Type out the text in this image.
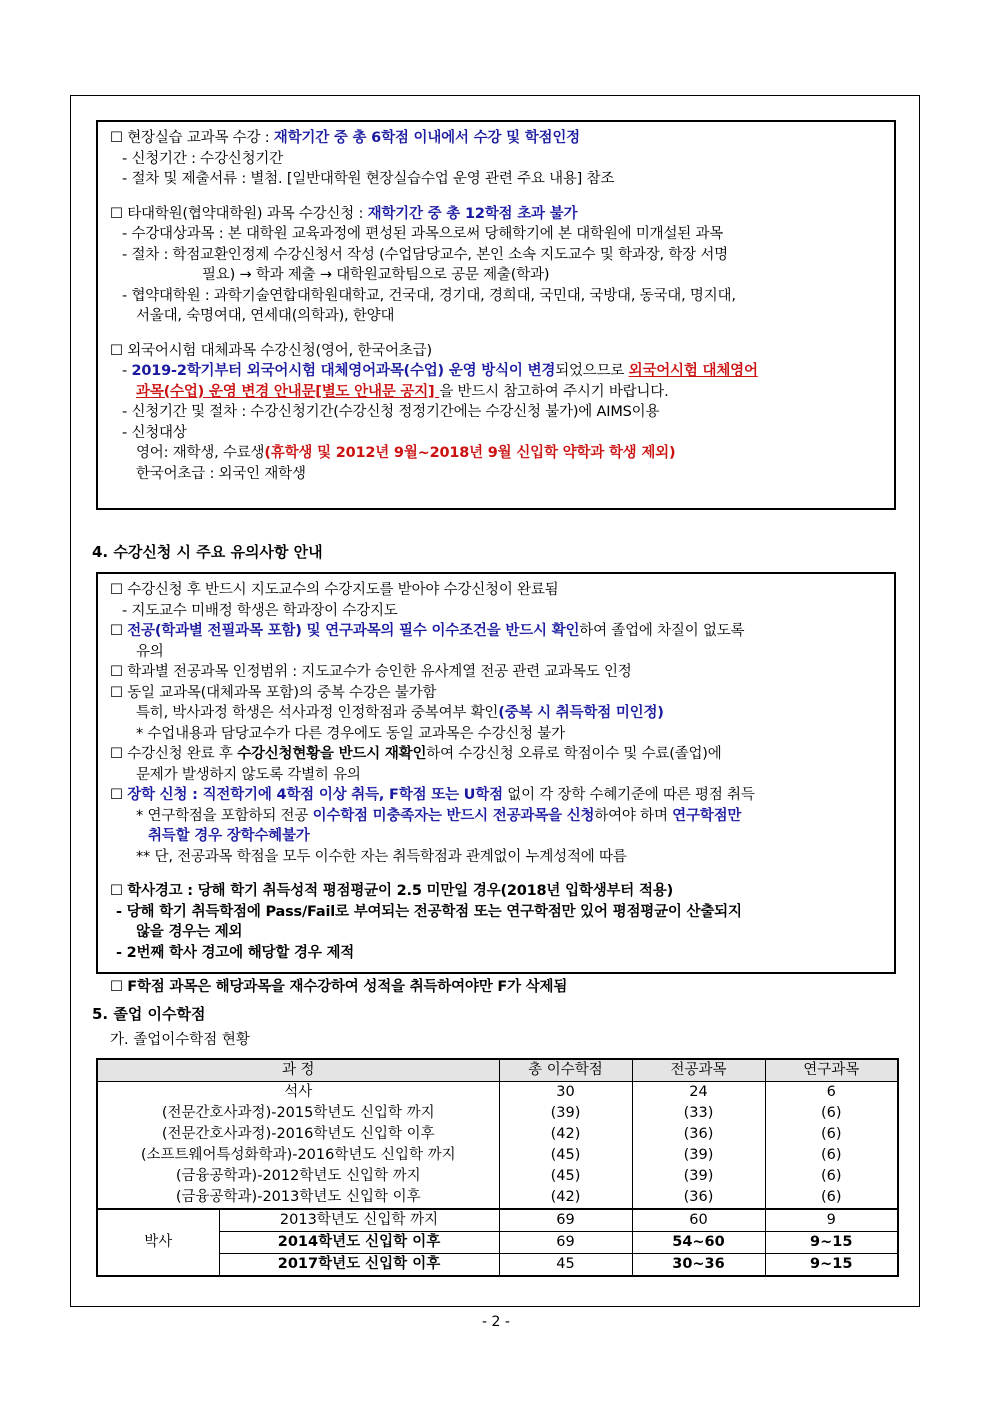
☐ 현장실습 교과목 수강 : 재학기간 중 총 6학점 이내에서 수강 및 학점인정
- 신청기간 : 수강신청기간
- 절차 및 제출서류 : 별첨. [일반대학원 현장실습수업 운영 관련 주요 내용] 참조
☐ 타대학원(협약대학원) 과목 수강신청 : 재학기간 중 총 12학점 초과 불가
- 수강대상과목 : 본 대학원 교육과정에 편성된 과목으로써 당해학기에 본 대학원에 미개설된 과목
- 절차 : 학점교환인정제 수강신청서 작성 (수업담당교수, 본인 소속 지도교수 및 학과장, 학장 서명
필요) → 학과 제출 → 대학원교학팀으로 공문 제출(학과)
- 협약대학원 : 과학기술연합대학원대학교, 건국대, 경기대, 경희대, 국민대, 국방대, 동국대, 명지대,
서울대, 숙명여대, 연세대(의학과), 한양대
☐ 외국어시험 대체과목 수강신청(영어, 한국어초급)
- 2019-2학기부터 외국어시험 대체영어과목(수업) 운영 방식이 변경되었으므로 외국어시험 대체영어
과목(수업) 운영 변경 안내문[별도 안내문 공지] 을 반드시 참고하여 주시기 바랍니다.
- 신청기간 및 절차 : 수강신청기간(수강신청 정정기간에는 수강신청 불가)에 AIMS이용
- 신청대상
영어: 재학생, 수료생(휴학생 및 2012년 9월~2018년 9월 신입학 약학과 학생 제외)
한국어초급 : 외국인 재학생
4. 수강신청 시 주요 유의사항 안내
☐ 수강신청 후 반드시 지도교수의 수강지도를 받아야 수강신청이 완료됨
- 지도교수 미배정 학생은 학과장이 수강지도
☐ 전공(학과별 전필과목 포함) 및 연구과목의 필수 이수조건을 반드시 확인하여 졸업에 차질이 없도록
유의
☐ 학과별 전공과목 인정범위 : 지도교수가 승인한 유사계열 전공 관련 교과목도 인정
☐ 동일 교과목(대체과목 포함)의 중복 수강은 불가함
특히, 박사과정 학생은 석사과정 인정학점과 중복여부 확인(중복 시 취득학점 미인정)
* 수업내용과 담당교수가 다른 경우에도 동일 교과목은 수강신청 불가
☐ 수강신청 완료 후 수강신청현황을 반드시 재확인하여 수강신청 오류로 학점이수 및 수료(졸업)에
문제가 발생하지 않도록 각별히 유의
☐ 장학 신청 : 직전학기에 4학점 이상 취득, F학점 또는 U학점 없이 각 장학 수혜기준에 따른 평점 취득
* 연구학점을 포함하되 전공 이수학점 미충족자는 반드시 전공과목을 신청하여야 하며 연구학점만
취득할 경우 장학수혜불가
** 단, 전공과목 학점을 모두 이수한 자는 취득학점과 관계없이 누계성적에 따름
☐ 학사경고 : 당해 학기 취득성적 평점평균이 2.5 미만일 경우(2018년 입학생부터 적용)
- 당해 학기 취득학점에 Pass/Fail로 부여되는 전공학점 또는 연구학점만 있어 평점평균이 산출되지
않을 경우는 제외
- 2번째 학사 경고에 해당할 경우 제적
☐ F학점 과목은 해당과목을 재수강하여 성적을 취득하여야만 F가 삭제됨
5. 졸업 이수학점
가. 졸업이수학점 현황
과 정		총 이수학점	전공과목	연구과목
석사		30	24	6
(전문간호사과정)-2015학년도 신입학 까지		(39)	(33)	(6)
(전문간호사과정)-2016학년도 신입학 이후		(42)	(36)	(6)
(소프트웨어특성화학과)-2016학년도 신입학 까지		(45)	(39)	(6)
(금융공학과)-2012학년도 신입학 까지		(45)	(39)	(6)
(금융공학과)-2013학년도 신입학 이후		(42)	(36)	(6)
박사	2013학년도 신입학 까지	69	60	9
	2014학년도 신입학 이후	69	54~60	9~15
	2017학년도 신입학 이후	45	30~36	9~15
- 2 -
